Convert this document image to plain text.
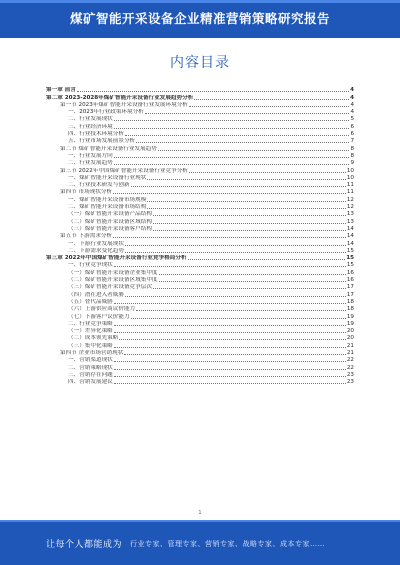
煤矿智能开采设备企业精准营销策略研究报告
内容目录
第一章 前言	4
第二章 2023-2028年煤矿智能开采设备行业发展趋势分析	4
第一节 2023年煤矿智能开采设备行业发展环境分析	4
一、2023年行业政策环境分析	4
二、行业发展现状	5
三、行业经济环境	6
四、行业技术环境分析	6
五、行业市场发展前景分析	7
第二节 煤矿智能开采设备行业发展趋势	8
一、行业发展方向	8
二、行业发展趋势	9
第三节 2022年中国煤矿智能开采设备行业竞争分析	10
一、煤矿智能开采设备行业现状	10
二、行业技术研发与创新	11
第四节 市场现状分析	11
一、煤矿智能开采设备市场规模	12
二、煤矿智能开采设备市场结构	12
（一）煤矿智能开采设备产品结构	13
（二）煤矿智能开采设备区域结构	13
（三）煤矿智能开采设备客户结构	14
第五节 下游需求分析	14
一、下游行业发展现状	14
二、下游需求变化趋势	15
第三章 2022年中国煤矿智能开采设备行业竞争格局分析	15
一、行业竞争现状	15
（一）煤矿智能开采设备企业集中度	16
（二）煤矿智能开采设备区域集中度	16
（三）煤矿智能开采设备竞争层次	17
（四）潜在进入者威胁	17
（五）替代品威胁	18
（六）上游供应商议价能力	18
（七）下游客户议价能力	19
二、行业竞争策略	19
（一）差异化策略	20
（二）成本领先策略	20
（三）集中化策略	21
第四节 企业市场营销现状	21
一、营销渠道现状	22
二、营销策略现状	22
三、营销存在问题	23
四、营销发展建议	23
1
让每个人都能成为 行业专家、管理专家、营销专家、战略专家、成本专家……
